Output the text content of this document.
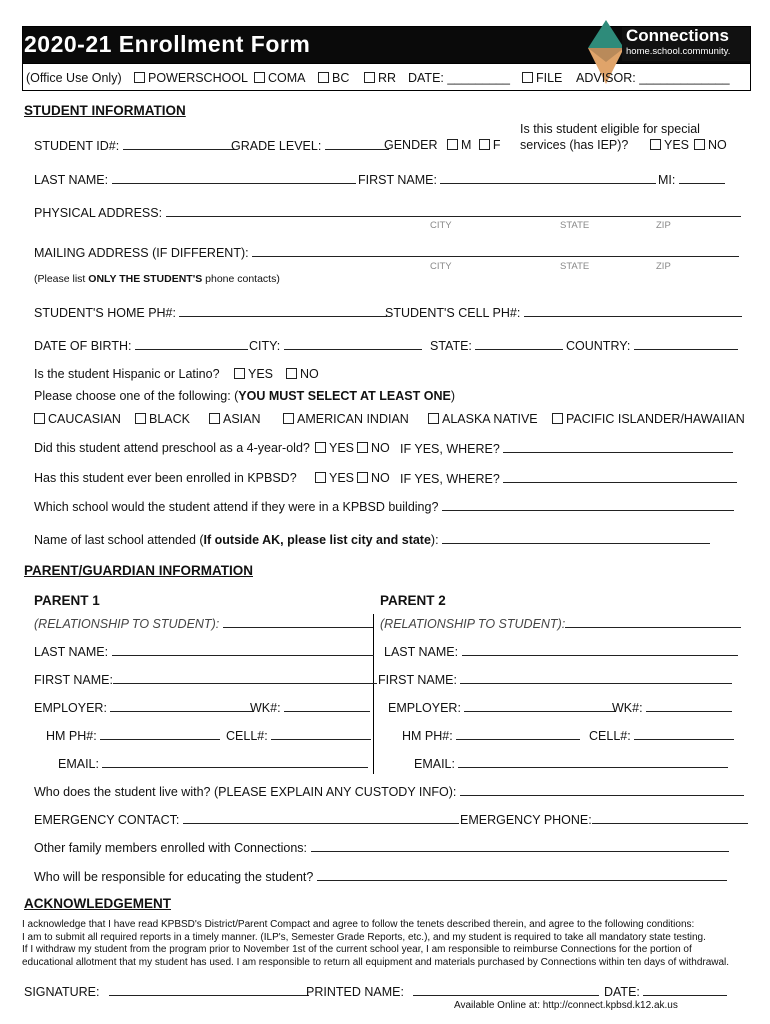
2020-21 Enrollment Form	Connections
home.school.community.
(Office Use Only)	POWERSCHOOL	COMA	BC	RR DATE: _________	FILE ADVISOR: _____________
STUDENT INFORMATION
STUDENT ID#:	GRADE LEVEL:	GENDER M F
Is this student eligible for special
services (has IEP)?	YES	NO
LAST NAME:	FIRST NAME:	MI:
PHYSICAL ADDRESS:
CITY	STATE	ZIP
MAILING ADDRESS (IF DIFFERENT):
CITY	STATE	ZIP
(Please list ONLY THE STUDENT'S phone contacts)
STUDENT'S HOME PH#:	STUDENT'S CELL PH#:
DATE OF BIRTH:	CITY:	STATE:	COUNTRY:
Is the student Hispanic or Latino?	YES	NO
Please choose one of the following: (YOU MUST SELECT AT LEAST ONE)
CAUCASIAN	BLACK	ASIAN	AMERICAN INDIAN	ALASKA NATIVE	PACIFIC ISLANDER/HAWAIIAN
Did this student attend preschool as a 4-year-old?	YES	NO IF YES, WHERE?
Has this student ever been enrolled in KPBSD?	YES	NO IF YES, WHERE?
Which school would the student attend if they were in a KPBSD building?
Name of last school attended (If outside AK, please list city and state):
PARENT/GUARDIAN INFORMATION
PARENT 1	PARENT 2
(RELATIONSHIP TO STUDENT):	(RELATIONSHIP TO STUDENT):
LAST NAME:	LAST NAME:
FIRST NAME:	FIRST NAME:
EMPLOYER:	WK#:	EMPLOYER:	WK#:
HM PH#:	CELL#:	HM PH#:	CELL#:
EMAIL:	EMAIL:
Who does the student live with? (PLEASE EXPLAIN ANY CUSTODY INFO):
EMERGENCY CONTACT:	EMERGENCY PHONE:
Other family members enrolled with Connections:
Who will be responsible for educating the student?
ACKNOWLEDGEMENT
I acknowledge that I have read KPBSD's District/Parent Compact and agree to follow the tenets described therein, and agree to the following conditions:
I am to submit all required reports in a timely manner. (ILP's, Semester Grade Reports, etc.), and my student is required to take all mandatory state testing.
If I withdraw my student from the program prior to November 1st of the current school year, I am responsible to reimburse Connections for the portion of
educational allotment that my student has used. I am responsible to return all equipment and materials purchased by Connections within ten days of withdrawal.
SIGNATURE:	PRINTED NAME:	DATE:
Available Online at: http://connect.kpbsd.k12.ak.us
